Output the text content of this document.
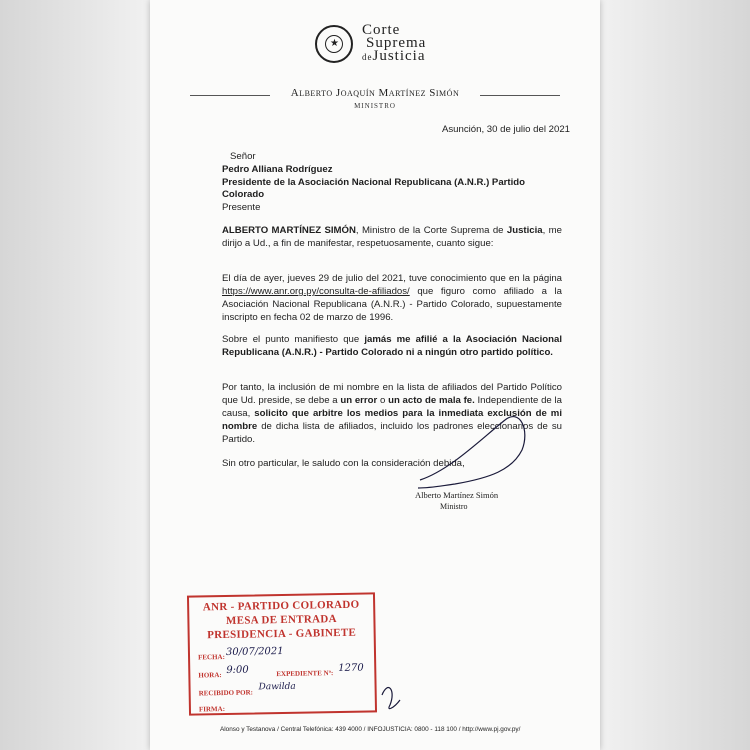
★
Corte
Suprema
deJusticia
Alberto Joaquín Martínez Simón
MINISTRO
Asunción, 30 de julio del 2021
Señor
Pedro Alliana Rodríguez
Presidente de la Asociación Nacional Republicana (A.N.R.) Partido
Colorado
Presente
ALBERTO MARTÍNEZ SIMÓN, Ministro de la Corte Suprema de Justicia, me dirijo a Ud., a fin de manifestar, respetuosamente, cuanto sigue:
El día de ayer, jueves 29 de julio del 2021, tuve conocimiento que en la página https://www.anr.org.py/consulta-de-afiliados/ que figuro como afiliado a la Asociación Nacional Republicana (A.N.R.) - Partido Colorado, supuestamente inscripto en fecha 02 de marzo de 1996.
Sobre el punto manifiesto que jamás me afilié a la Asociación Nacional Republicana (A.N.R.) - Partido Colorado ni a ningún otro partido político.
Por tanto, la inclusión de mi nombre en la lista de afiliados del Partido Político que Ud. preside, se debe a un error o un acto de mala fe. Independiente de la causa, solicito que arbitre los medios para la inmediata exclusión de mi nombre de dicha lista de afiliados, incluido los padrones eleccionarios de su Partido.
Sin otro particular, le saludo con la consideración debida,
Alberto Martínez Simón
Ministro
ANR - PARTIDO COLORADO
MESA DE ENTRADA
PRESIDENCIA - GABINETE
FECHA: 30/07/2021
HORA: 9:00	EXPEDIENTE Nº: 1270
RECIBIDO POR:
Dawilda
FIRMA:
Alonso y Testanova / Central Telefónica: 439 4000 / INFOJUSTICIA: 0800 - 118 100 / http://www.pj.gov.py/
